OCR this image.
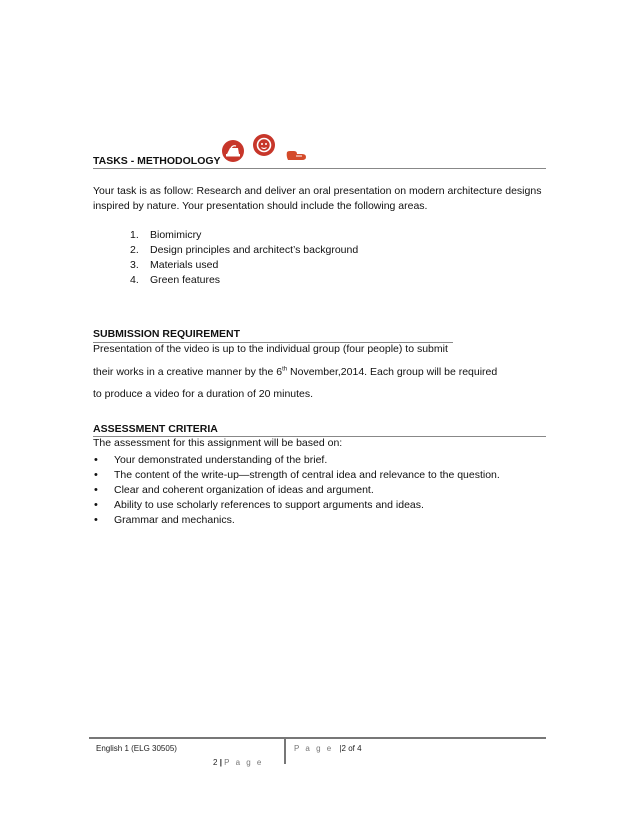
TASKS - METHODOLOGY
Your task is as follow: Research and deliver an oral presentation on modern architecture designs
inspired by nature. Your presentation should include the following areas.
1. Biomimicry
2. Design principles and architect’s background
3. Materials used
4. Green features
SUBMISSION REQUIREMENT
Presentation of the video is up to the individual group (four people) to submit
their works in a creative manner by the 6th November,2014. Each group will be required
to produce a video for a duration of 20 minutes.
ASSESSMENT CRITERIA
The assessment for this assignment will be based on:
• Your demonstrated understanding of the brief.
• The content of the write-up—strength of central idea and relevance to the question.
• Clear and coherent organization of ideas and argument.
• Ability to use scholarly references to support arguments and ideas.
• Grammar and mechanics.
English 1 (ELG 30505)	P a g e |2 of 4
2 | P a g e
